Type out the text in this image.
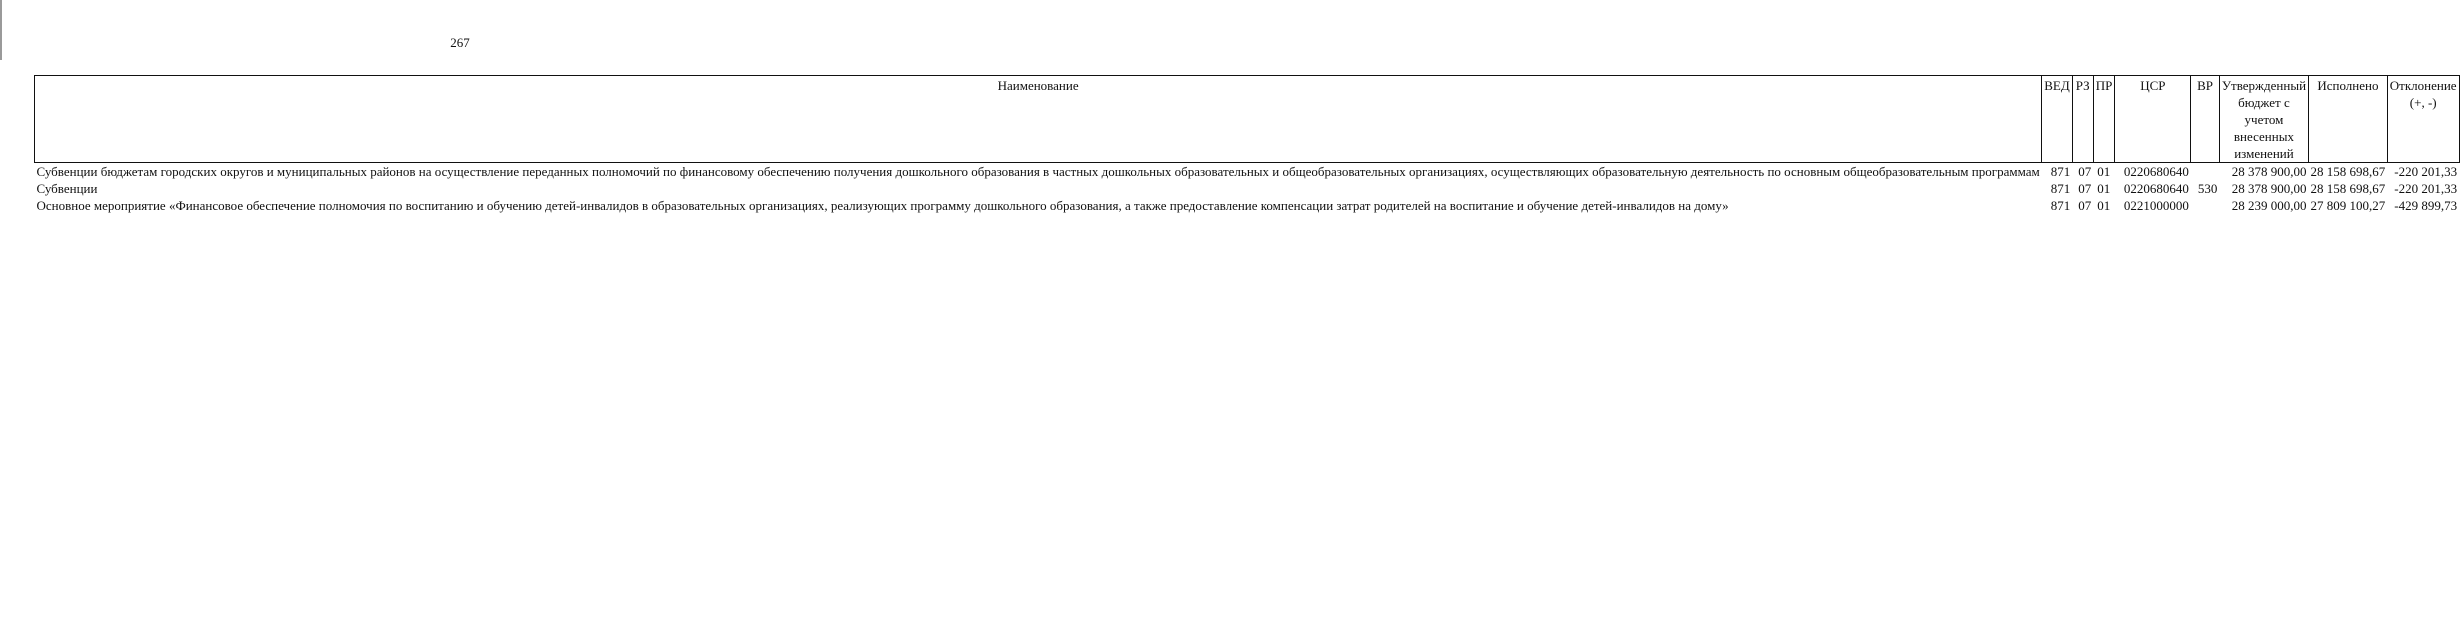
267
Наименование	ВЕД	РЗ	ПР	ЦСР	ВР	Утвержденный бюджет с учетом внесенных изменений	Исполнено	Отклонение (+, -)
Субвенции бюджетам городских округов и муниципальных районов на осуществление переданных полномочий по финансовому обеспечению получения дошкольного образования в частных дошкольных образовательных и общеобразовательных организациях, осуществляющих образовательную деятельность по основным общеобразовательным программам	871	07	01	0220680640		28 378 900,00	28 158 698,67	-220 201,33
Субвенции	871	07	01	0220680640	530	28 378 900,00	28 158 698,67	-220 201,33
Основное мероприятие «Финансовое обеспечение полномочия по воспитанию и обучению детей-инвалидов в образовательных организациях, реализующих программу дошкольного образования, а также предоставление компенсации затрат родителей на воспитание и обучение детей-инвалидов на дому»	871	07	01	0221000000		28 239 000,00	27 809 100,27	-429 899,73
